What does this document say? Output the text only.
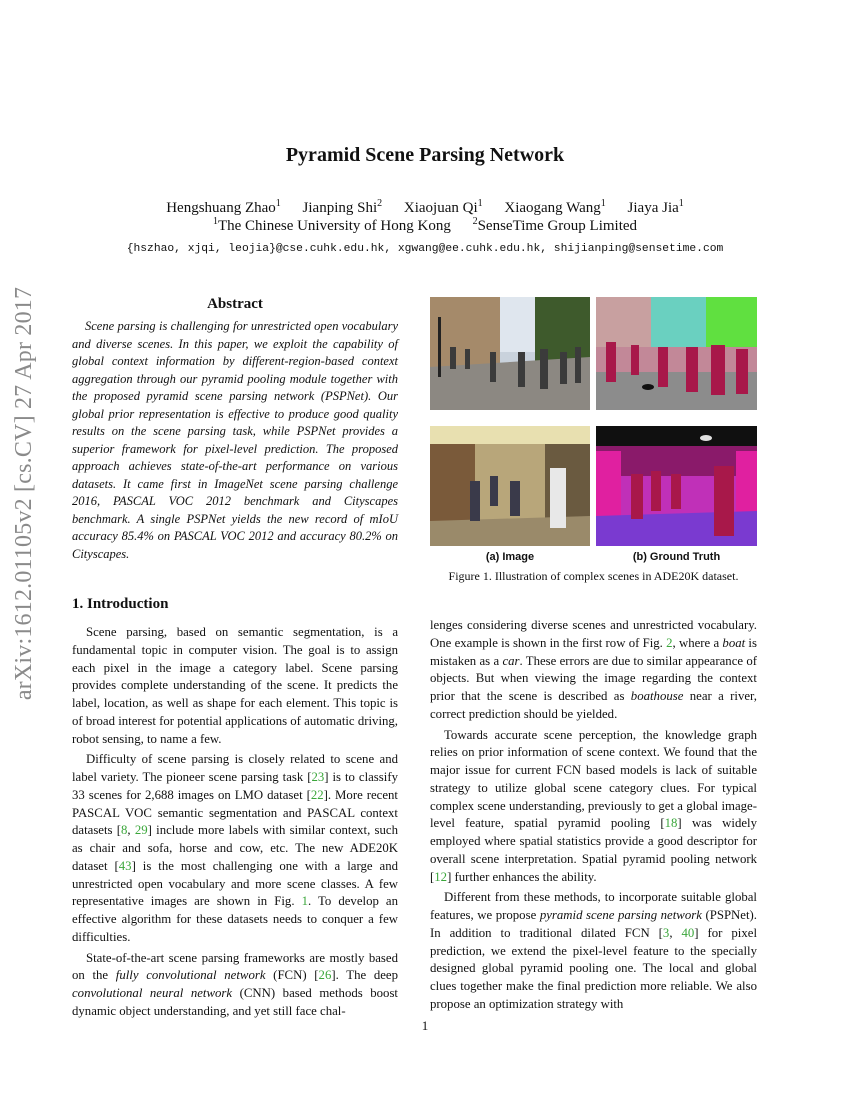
arXiv:1612.01105v2 [cs.CV] 27 Apr 2017
Pyramid Scene Parsing Network
Hengshuang Zhao$^1$ Jianping Shi$^2$ Xiaojuan Qi$^1$ Xiaogang Wang$^1$ Jiaya Jia$^1$
$^1$The Chinese University of Hong Kong $^2$SenseTime Group Limited
{hszhao, xjqi, leojia}@cse.cuhk.edu.hk, xgwang@ee.cuhk.edu.hk, shijianping@sensetime.com
Abstract

Scene parsing is challenging for unrestricted open vocabulary and diverse scenes. In this paper, we exploit the capability of global context information by different-region-based context aggregation through our pyramid pooling module together with the proposed pyramid scene parsing network (PSPNet). Our global prior representation is effective to produce good quality results on the scene parsing task, while PSPNet provides a superior framework for pixel-level prediction. The proposed approach achieves state-of-the-art performance on various datasets. It came first in ImageNet scene parsing challenge 2016, PASCAL VOC 2012 benchmark and Cityscapes benchmark. A single PSPNet yields the new record of mIoU accuracy 85.4% on PASCAL VOC 2012 and accuracy 80.2% on Cityscapes.	(a) Image	(b) Ground Truth
Figure 1. Illustration of complex scenes in ADE20K dataset.
1. Introduction

Scene parsing, based on semantic segmentation, is a fundamental topic in computer vision. The goal is to assign each pixel in the image a category label. Scene parsing provides complete understanding of the scene. It predicts the label, location, as well as shape for each element. This topic is of broad interest for potential applications of automatic driving, robot sensing, to name a few.

Difficulty of scene parsing is closely related to scene and label variety. The pioneer scene parsing task [23] is to classify 33 scenes for 2,688 images on LMO dataset [22]. More recent PASCAL VOC semantic segmentation and PASCAL context datasets [8, 29] include more labels with similar context, such as chair and sofa, horse and cow, etc. The new ADE20K dataset [43] is the most challenging one with a large and unrestricted open vocabulary and more scene classes. A few representative images are shown in Fig. 1. To develop an effective algorithm for these datasets needs to conquer a few difficulties.

State-of-the-art scene parsing frameworks are mostly based on the fully convolutional network (FCN) [26]. The deep convolutional neural network (CNN) based methods boost dynamic object understanding, and yet still face chal-

lenges considering diverse scenes and unrestricted vocabulary. One example is shown in the first row of Fig. 2, where a boat is mistaken as a car. These errors are due to similar appearance of objects. But when viewing the image regarding the context prior that the scene is described as boathouse near a river, correct prediction should be yielded.

Towards accurate scene perception, the knowledge graph relies on prior information of scene context. We found that the major issue for current FCN based models is lack of suitable strategy to utilize global scene category clues. For typical complex scene understanding, previously to get a global image-level feature, spatial pyramid pooling [18] was widely employed where spatial statistics provide a good descriptor for overall scene interpretation. Spatial pyramid pooling network [12] further enhances the ability.

Different from these methods, to incorporate suitable global features, we propose pyramid scene parsing network (PSPNet). In addition to traditional dilated FCN [3, 40] for pixel prediction, we extend the pixel-level feature to the specially designed global pyramid pooling one. The local and global clues together make the final prediction more reliable. We also propose an optimization strategy with

1
